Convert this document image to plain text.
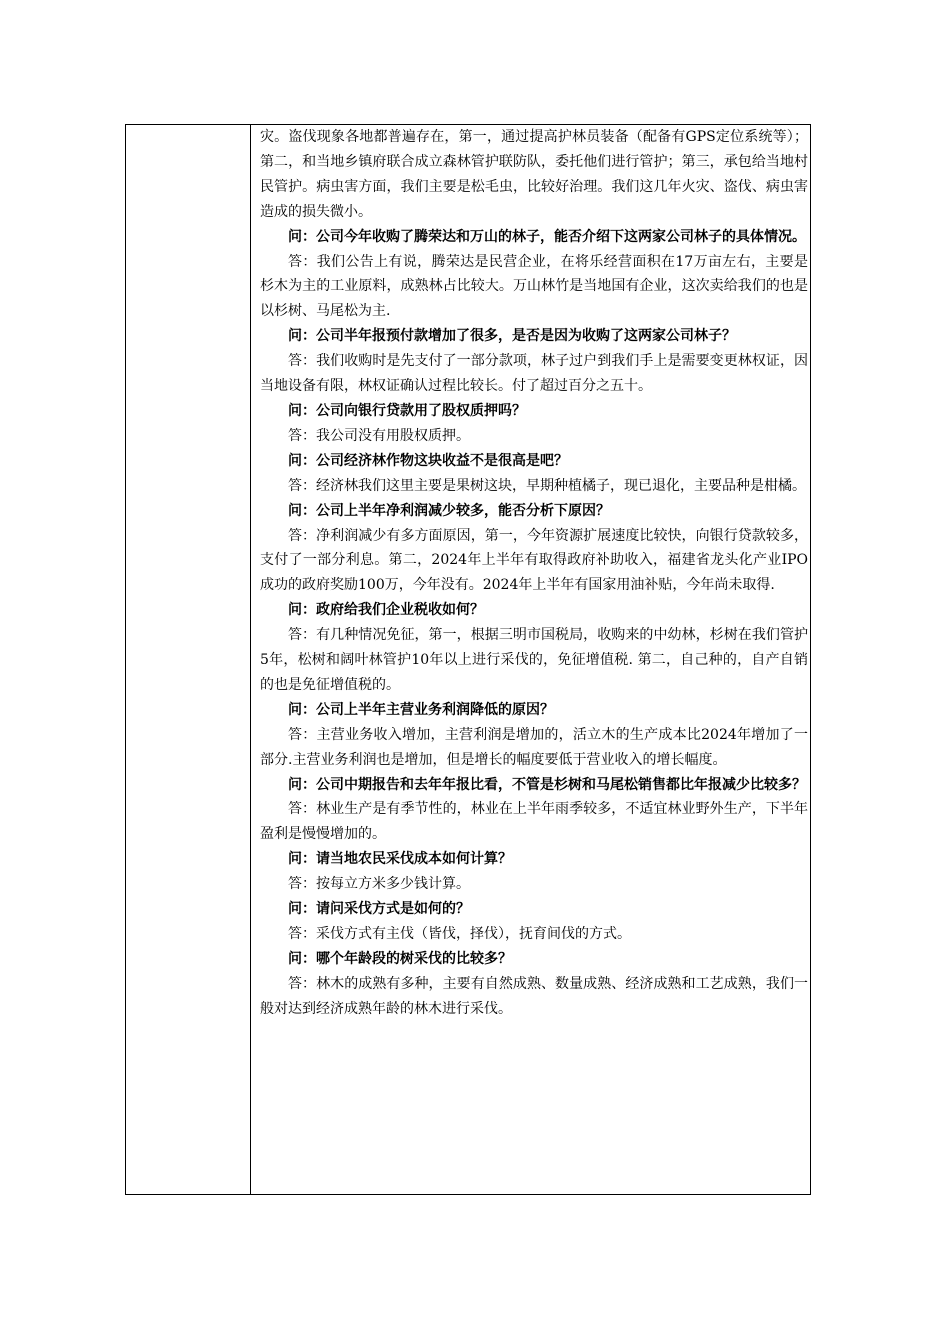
灾。盗伐现象各地都普遍存在，第一，通过提高护林员装备（配备有GPS定位系统等）；第二，和当地乡镇府联合成立森林管护联防队，委托他们进行管护；第三，承包给当地村民管护。病虫害方面，我们主要是松毛虫，比较好治理。我们这几年火灾、盗伐、病虫害造成的损失微小。

问：公司今年收购了腾荣达和万山的林子，能否介绍下这两家公司林子的具体情况。

答：我们公告上有说，腾荣达是民营企业，在将乐经营面积在17万亩左右，主要是杉木为主的工业原料，成熟林占比较大。万山林竹是当地国有企业，这次卖给我们的也是以杉树、马尾松为主.

问：公司半年报预付款增加了很多，是否是因为收购了这两家公司林子？

答：我们收购时是先支付了一部分款项，林子过户到我们手上是需要变更林权证，因当地设备有限，林权证确认过程比较长。付了超过百分之五十。

问：公司向银行贷款用了股权质押吗？

答：我公司没有用股权质押。

问：公司经济林作物这块收益不是很高是吧？

答：经济林我们这里主要是果树这块，早期种植橘子，现已退化，主要品种是柑橘。

问：公司上半年净利润减少较多，能否分析下原因？

答：净利润减少有多方面原因，第一，今年资源扩展速度比较快，向银行贷款较多，支付了一部分利息。第二，2024年上半年有取得政府补助收入，福建省龙头化产业IPO成功的政府奖励100万，今年没有。2024年上半年有国家用油补贴，今年尚未取得.

问：政府给我们企业税收如何？

答：有几种情况免征，第一，根据三明市国税局，收购来的中幼林，杉树在我们管护5年，松树和阔叶林管护10年以上进行采伐的，免征增值税. 第二，自己种的，自产自销的也是免征增值税的。

问：公司上半年主营业务利润降低的原因？

答：主营业务收入增加，主营利润是增加的，活立木的生产成本比2024年增加了一部分.主营业务利润也是增加，但是增长的幅度要低于营业收入的增长幅度。

问：公司中期报告和去年年报比看，不管是杉树和马尾松销售都比年报减少比较多？

答：林业生产是有季节性的，林业在上半年雨季较多，不适宜林业野外生产，下半年盈利是慢慢增加的。

问：请当地农民采伐成本如何计算？

答：按每立方米多少钱计算。

问：请问采伐方式是如何的？

答：采伐方式有主伐（皆伐，择伐），抚育间伐的方式。

问：哪个年龄段的树采伐的比较多？

答：林木的成熟有多种，主要有自然成熟、数量成熟、经济成熟和工艺成熟，我们一般对达到经济成熟年龄的林木进行采伐。
